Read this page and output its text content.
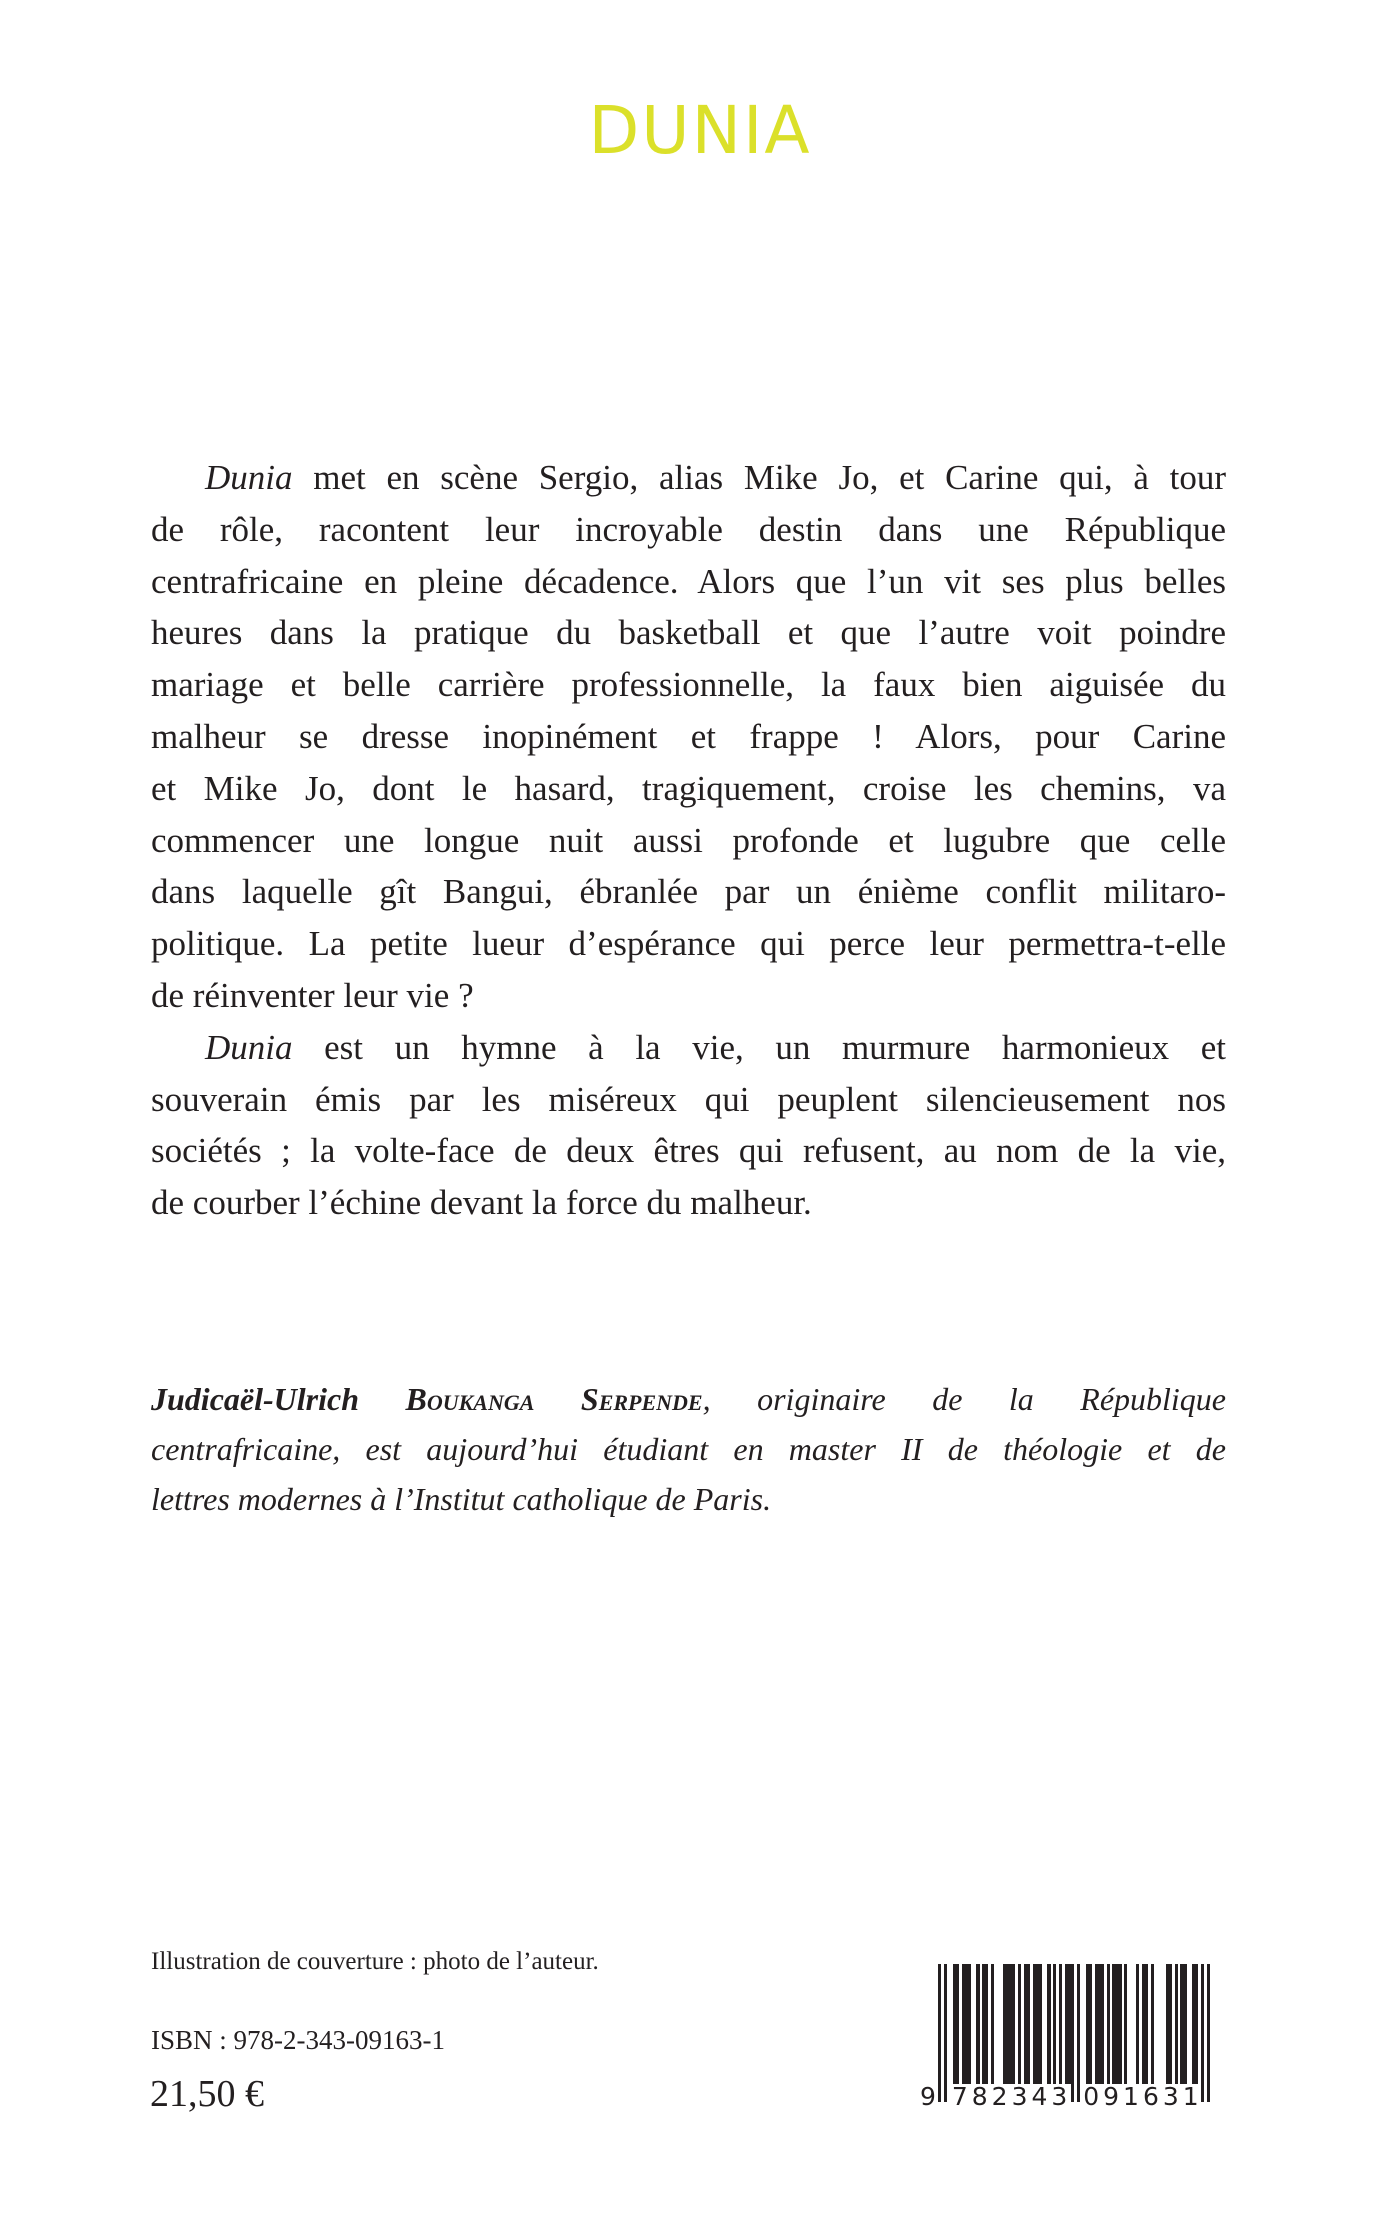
DUNIA
Dunia met en scène Sergio, alias Mike Jo, et Carine qui, à tour
de rôle, racontent leur incroyable destin dans une République
centrafricaine en pleine décadence. Alors que l’un vit ses plus belles
heures dans la pratique du basketball et que l’autre voit poindre
mariage et belle carrière professionnelle, la faux bien aiguisée du
malheur se dresse inopinément et frappe ! Alors, pour Carine
et Mike Jo, dont le hasard, tragiquement, croise les chemins, va
commencer une longue nuit aussi profonde et lugubre que celle
dans laquelle gît Bangui, ébranlée par un énième conflit militaro-
politique. La petite lueur d’espérance qui perce leur permettra-t-elle
de réinventer leur vie ?
Dunia est un hymne à la vie, un murmure harmonieux et
souverain émis par les miséreux qui peuplent silencieusement nos
sociétés ; la volte-face de deux êtres qui refusent, au nom de la vie,
de courber l’échine devant la force du malheur.
Judicaël-Ulrich Boukanga Serpende, originaire de la République
centrafricaine, est aujourd’hui étudiant en master II de théologie et de
lettres modernes à l’Institut catholique de Paris.
Illustration de couverture : photo de l’auteur.
ISBN : 978-2-343-09163-1
21,50 €	9 782343 091631
